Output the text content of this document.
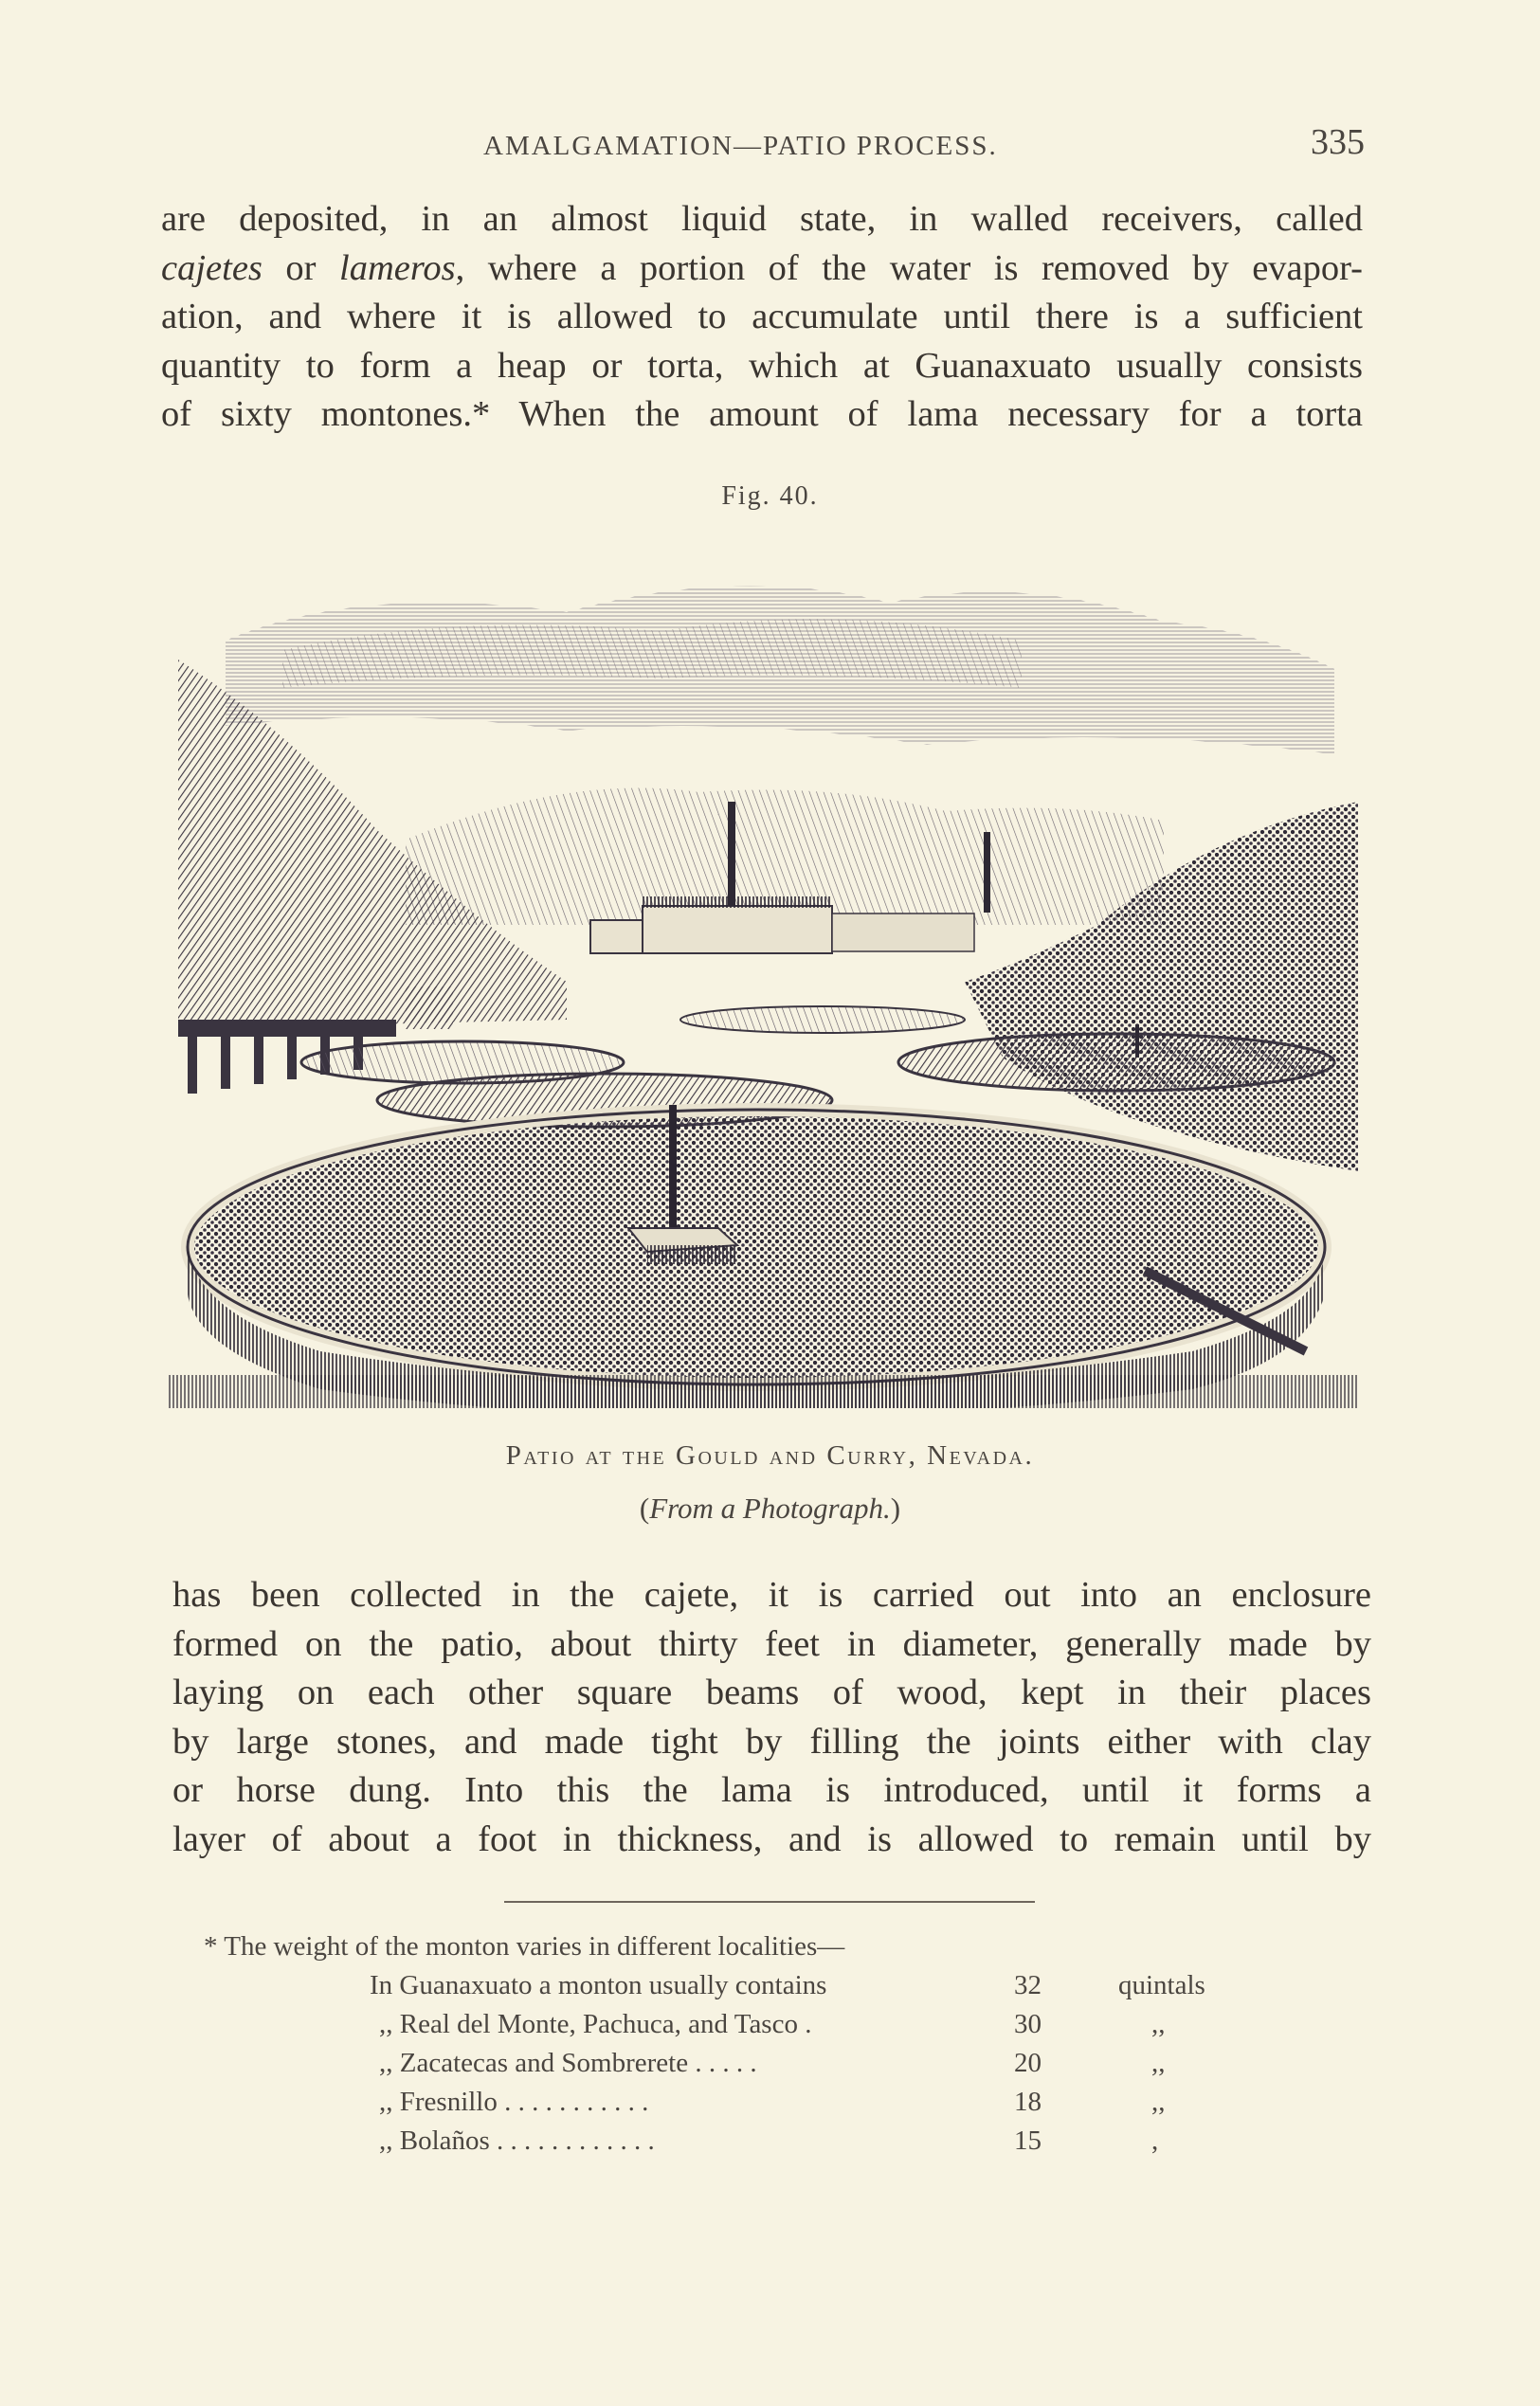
AMALGAMATION—PATIO PROCESS.	335
are deposited, in an almost liquid state, in walled receivers, called
cajetes or lameros, where a portion of the water is removed by evapor-
ation, and where it is allowed to accumulate until there is a sufficient
quantity to form a heap or torta, which at Guanaxuato usually consists
of sixty montones.* When the amount of lama necessary for a torta
Fig. 40.
Patio at the Gould and Curry, Nevada.
(From a Photograph.)
has been collected in the cajete, it is carried out into an enclosure
formed on the patio, about thirty feet in diameter, generally made by
laying on each other square beams of wood, kept in their places
by large stones, and made tight by filling the joints either with clay
or horse dung. Into this the lama is introduced, until it forms a
layer of about a foot in thickness, and is allowed to remain until by
* The weight of the monton varies in different localities—
In Guanaxuato a monton usually contains	32	quintals
,, Real del Monte, Pachuca, and Tasco .	30	,,
,, Zacatecas and Sombrerete . . . . .	20	,,
,, Fresnillo . . . . . . . . . . .	18	,,
,, Bolaños . . . . . . . . . . . .	15	,
